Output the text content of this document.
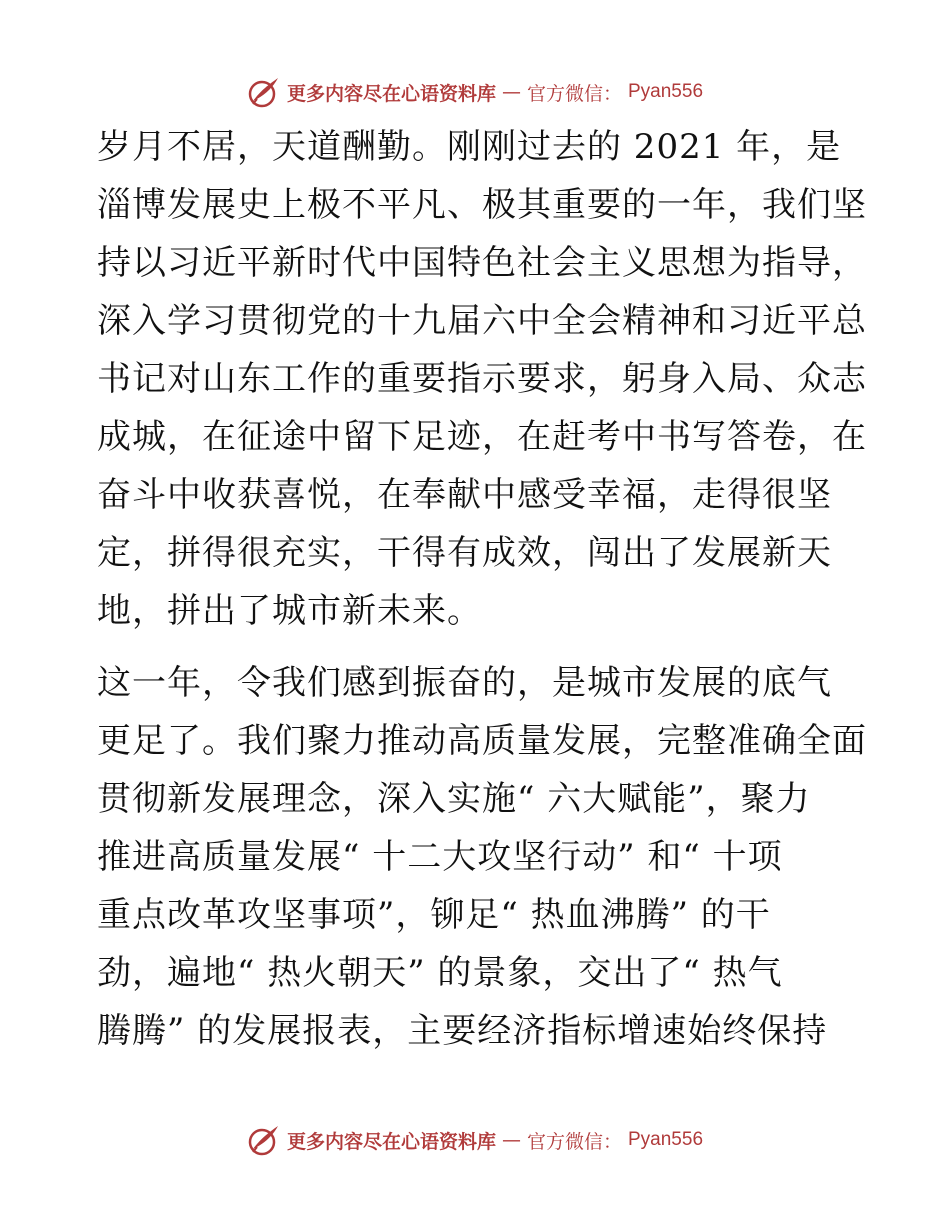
更多内容尽在心语资料库 — 官方微信： Pyan556
岁月不居，天道酬勤。刚刚过去的 2021 年，是
淄博发展史上极不平凡、极其重要的一年，我们坚
持以习近平新时代中国特色社会主义思想为指导，
深入学习贯彻党的十九届六中全会精神和习近平总
书记对山东工作的重要指示要求，躬身入局、众志
成城，在征途中留下足迹，在赶考中书写答卷，在
奋斗中收获喜悦，在奉献中感受幸福，走得很坚
定，拼得很充实，干得有成效，闯出了发展新天
地，拼出了城市新未来。
这一年，令我们感到振奋的，是城市发展的底气
更足了。我们聚力推动高质量发展，完整准确全面
贯彻新发展理念，深入实施“ 六大赋能”，聚力
推进高质量发展“ 十二大攻坚行动” 和“ 十项
重点改革攻坚事项”，铆足“ 热血沸腾” 的干
劲，遍地“ 热火朝天” 的景象，交出了“ 热气
腾腾” 的发展报表，主要经济指标增速始终保持
更多内容尽在心语资料库 — 官方微信： Pyan556
